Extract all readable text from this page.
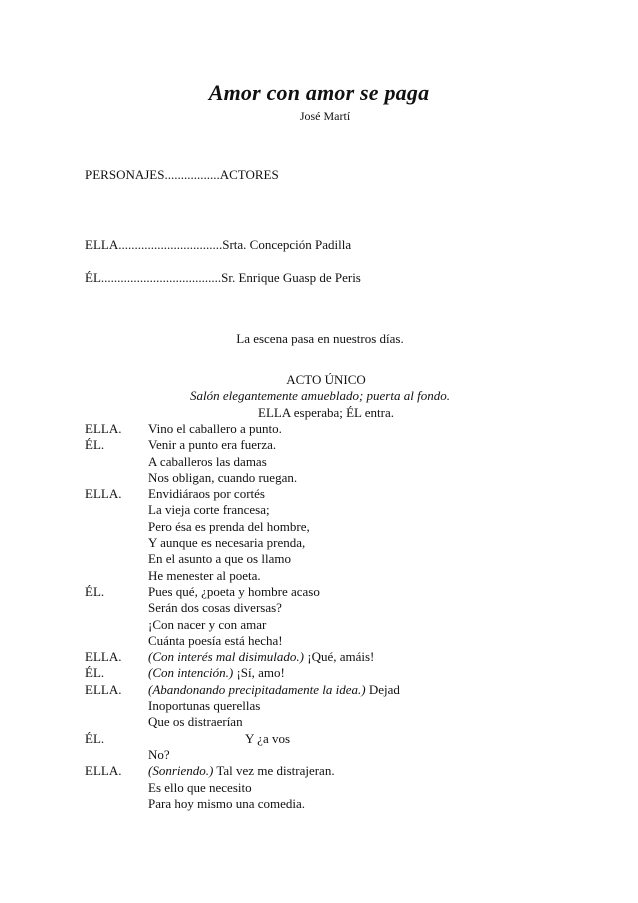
Amor con amor se paga
José Martí
PERSONAJES.................ACTORES
ELLA................................Srta. Concepción Padilla
ÉL.....................................Sr. Enrique Guasp de Peris
La escena pasa en nuestros días.
ACTO ÚNICO
Salón elegantemente amueblado; puerta al fondo.
ELLA esperaba; ÉL entra.
ELLA. Vino el caballero a punto.
ÉL.	Venir a punto era fuerza.
A caballeros las damas
Nos obligan, cuando ruegan.
ELLA. Envidiáraos por cortés
La vieja corte francesa;
Pero ésa es prenda del hombre,
Y aunque es necesaria prenda,
En el asunto a que os llamo
He menester al poeta.
ÉL.	Pues qué, ¿poeta y hombre acaso
Serán dos cosas diversas?
¡Con nacer y con amar
Cuánta poesía está hecha!
ELLA. (Con interés mal disimulado.) ¡Qué, amáis!
ÉL.	(Con intención.) ¡Sí, amo!
ELLA. (Abandonando precipitadamente la idea.) Dejad
Inoportunas querellas
Que os distraerían
ÉL.	Y ¿a vos
No?
ELLA. (Sonriendo.) Tal vez me distrajeran.
Es ello que necesito
Para hoy mismo una comedia.
